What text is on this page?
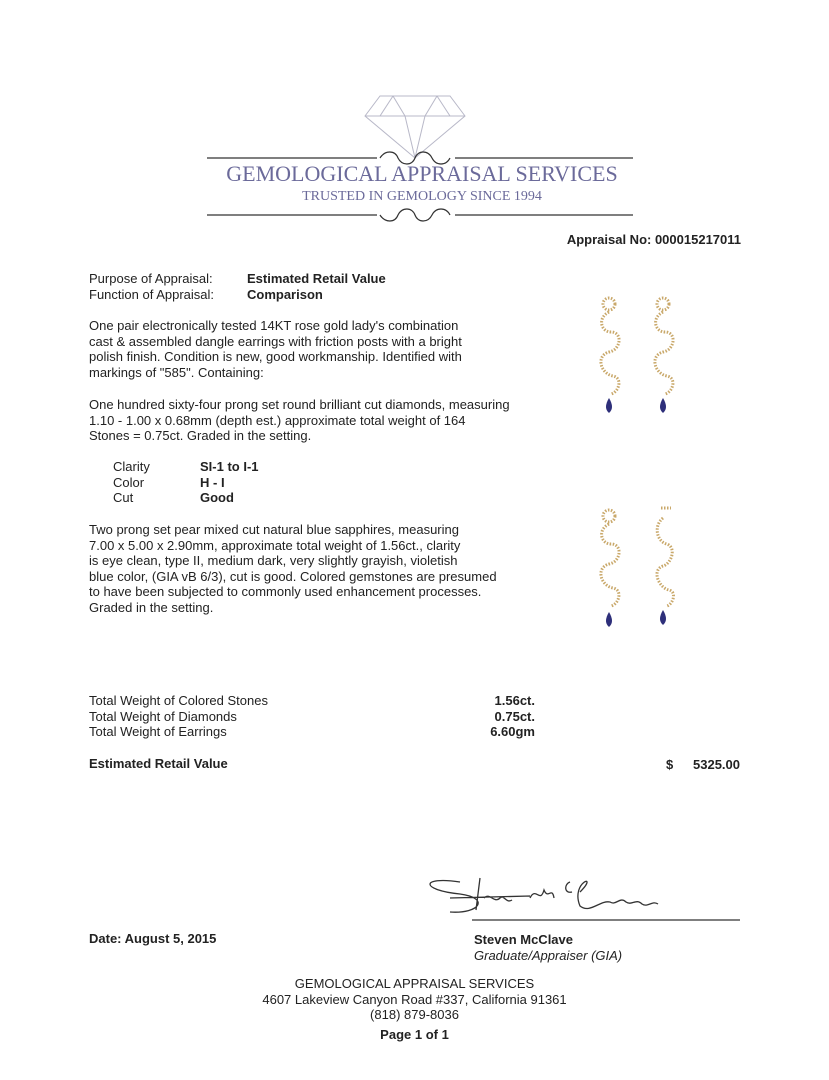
GEMOLOGICAL APPRAISAL SERVICES
TRUSTED IN GEMOLOGY SINCE 1994
Appraisal No: 000015217011
Purpose of Appraisal:	Estimated Retail Value
Function of Appraisal:	Comparison
One pair electronically tested 14KT rose gold lady's combination
cast & assembled dangle earrings with friction posts with a bright
polish finish. Condition is new, good workmanship. Identified with
markings of "585". Containing:
One hundred sixty-four prong set round brilliant cut diamonds, measuring
1.10 - 1.00 x 0.68mm (depth est.) approximate total weight of 164
Stones = 0.75ct. Graded in the setting.
Clarity	SI-1 to I-1
Color	H - I
Cut	Good
Two prong set pear mixed cut natural blue sapphires, measuring
7.00 x 5.00 x 2.90mm, approximate total weight of 1.56ct., clarity
is eye clean, type II, medium dark, very slightly grayish, violetish
blue color, (GIA vB 6/3), cut is good. Colored gemstones are presumed
to have been subjected to commonly used enhancement processes.
Graded in the setting.
Total Weight of Colored Stones	1.56ct.
Total Weight of Diamonds	0.75ct.
Total Weight of Earrings	6.60gm
Estimated Retail Value	$ 5325.00
Date: August 5, 2015	Steven McClave
Graduate/Appraiser (GIA)
GEMOLOGICAL APPRAISAL SERVICES
4607 Lakeview Canyon Road #337, California 91361
(818) 879-8036
Page 1 of 1
